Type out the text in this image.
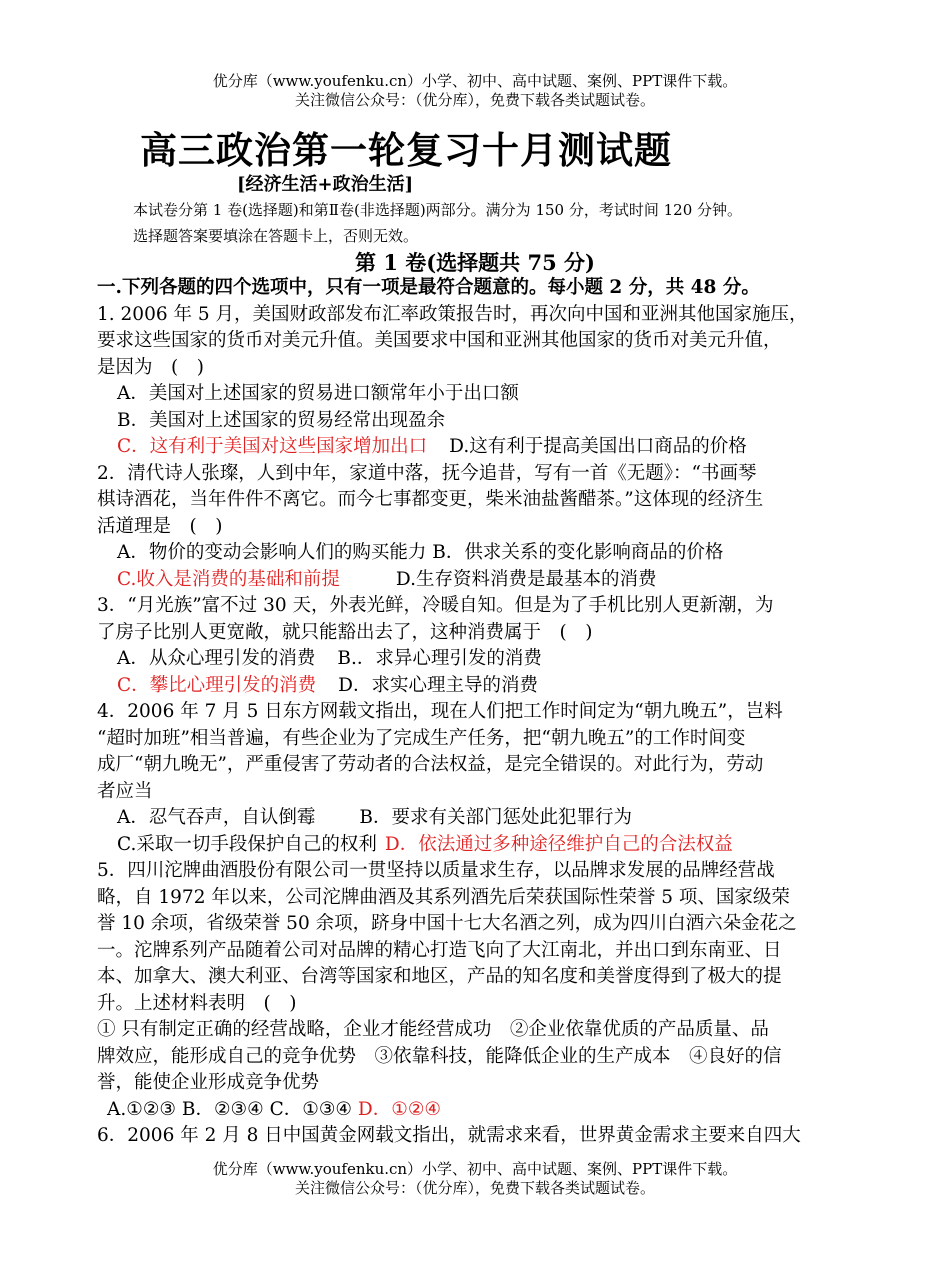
优分库（www.youfenku.cn）小学、初中、高中试题、案例、PPT课件下载。
关注微信公众号：（优分库），免费下载各类试题试卷。
高三政治第一轮复习十月测试题
[经济生活+政治生活]
本试卷分第 1 卷(选择题)和第Ⅱ卷(非选择题)两部分。满分为 150 分，考试时间 120 分钟。
选择题答案要填涂在答题卡上，否则无效。
第 1 卷(选择题共 75 分)

一.下列各题的四个选项中，只有一项是最符合题意的。每小题 2 分，共 48 分。

1. 2006 年 5 月，美国财政部发布汇率政策报告时，再次向中国和亚洲其他国家施压，

要求这些国家的货币对美元升值。美国要求中国和亚洲其他国家的货币对美元升值，

是因为　(　)

A．美国对上述国家的贸易进口额常年小于出口额

B．美国对上述国家的贸易经常出现盈余

C．这有利于美国对这些国家增加出口 D.这有利于提高美国出口商品的价格

2．清代诗人张璨，人到中年，家道中落，抚今追昔，写有一首《无题》：“书画琴

棋诗酒花，当年件件不离它。而今七事都变更，柴米油盐酱醋茶。”这体现的经济生

活道理是　(　)

A．物价的变动会影响人们的购买能力 B．供求关系的变化影响商品的价格

C.收入是消费的基础和前提	D.生存资料消费是最基本的消费

3．“月光族”富不过 30 天，外表光鲜，冷暖自知。但是为了手机比别人更新潮，为

了房子比别人更宽敞，就只能豁出去了，这种消费属于　(　)

A．从众心理引发的消费 B.．求异心理引发的消费

C．攀比心理引发的消费 D．求实心理主导的消费

4．2006 年 7 月 5 日东方网载文指出，现在人们把工作时间定为“朝九晚五”，岂料

“超时加班”相当普遍，有些企业为了完成生产任务，把“朝九晚五”的工作时间变

成厂“朝九晚无”，严重侵害了劳动者的合法权益，是完全错误的。对此行为，劳动

者应当

A．忍气吞声，自认倒霉 B．要求有关部门惩处此犯罪行为

C.采取一切手段保护自己的权利 D．依法通过多种途径维护自己的合法权益

5．四川沱牌曲酒股份有限公司一贯坚持以质量求生存，以品牌求发展的品牌经营战

略，自 1972 年以来，公司沱牌曲酒及其系列酒先后荣获国际性荣誉 5 项、国家级荣

誉 10 余项，省级荣誉 50 余项，跻身中国十七大名酒之列，成为四川白酒六朵金花之

一。沱牌系列产品随着公司对品牌的精心打造飞向了大江南北，并出口到东南亚、日

本、加拿大、澳大利亚、台湾等国家和地区，产品的知名度和美誉度得到了极大的提

升。上述材料表明　(　)

① 只有制定正确的经营战略，企业才能经营成功　②企业依靠优质的产品质量、品

牌效应，能形成自己的竞争优势　③依靠科技，能降低企业的生产成本　④良好的信

誉，能使企业形成竞争优势

A.①②③ B．②③④ C．①③④ D．①②④

6．2006 年 2 月 8 日中国黄金网载文指出，就需求来看，世界黄金需求主要来自四大

优分库（www.youfenku.cn）小学、初中、高中试题、案例、PPT课件下载。
关注微信公众号：（优分库），免费下载各类试题试卷。
